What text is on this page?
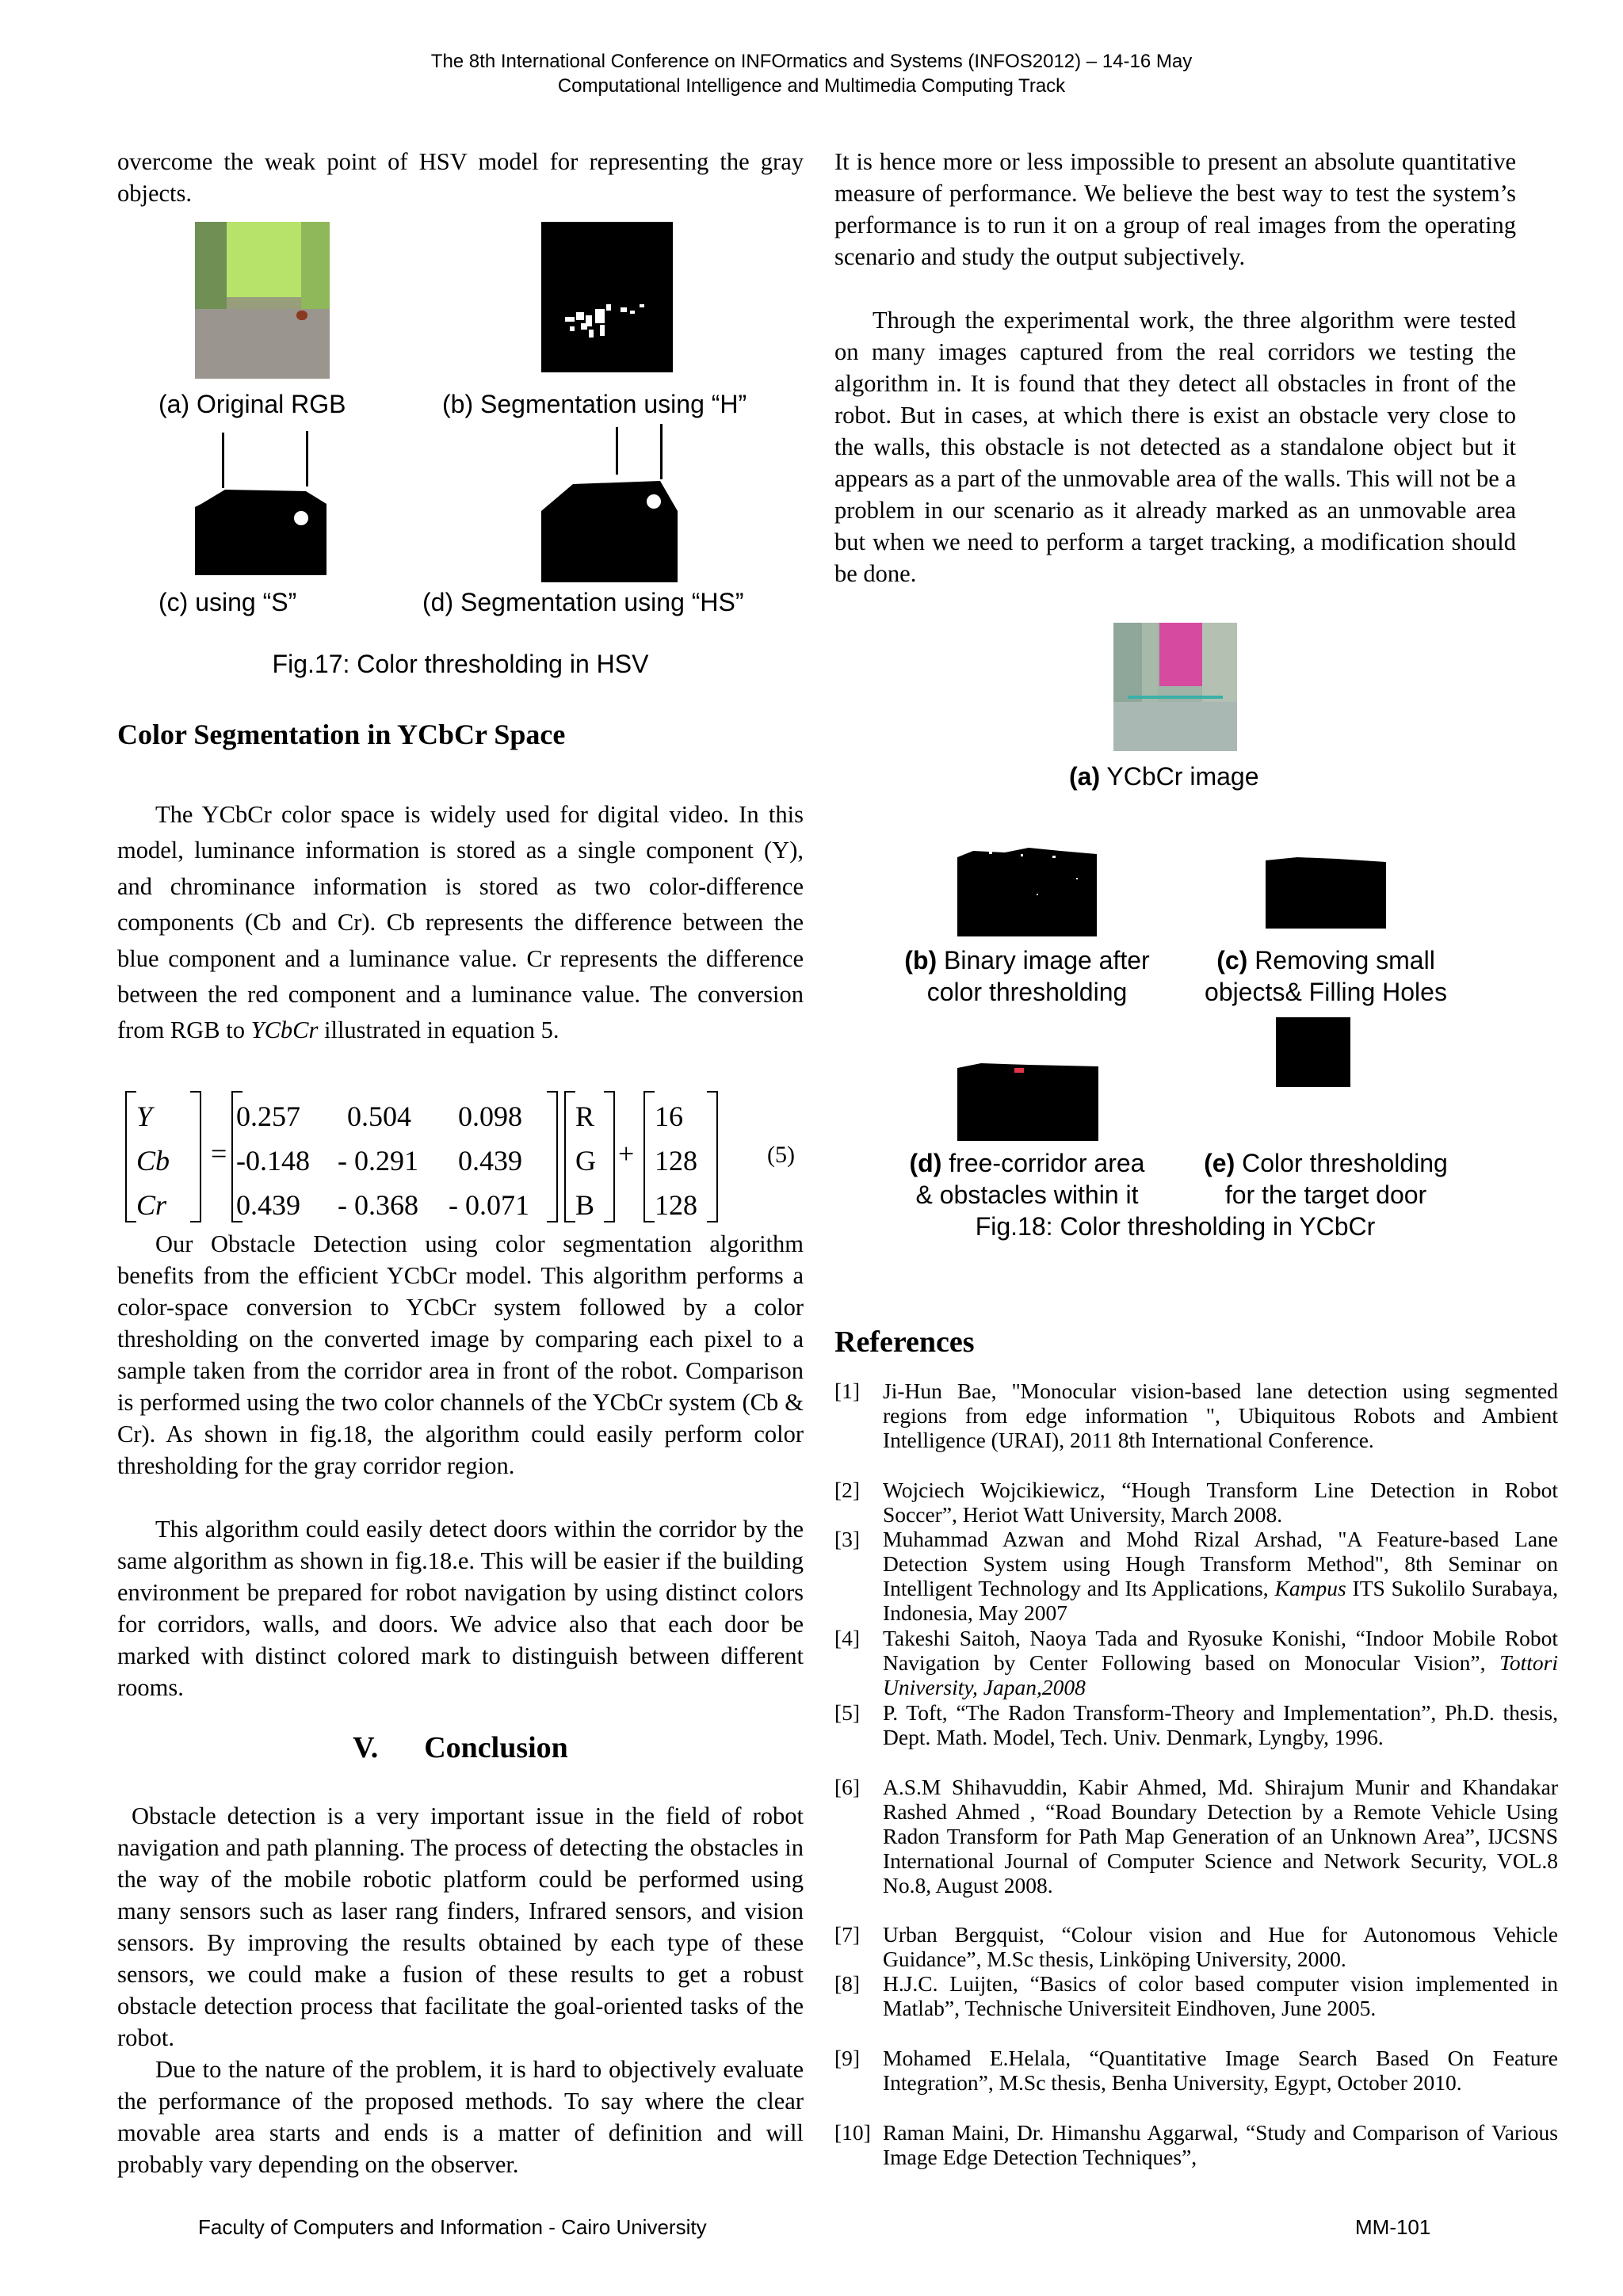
The 8th International Conference on INFOrmatics and Systems (INFOS2012) – 14-16 May
Computational Intelligence and Multimedia Computing Track

overcome the weak point of HSV model for representing the gray objects.

(a) Original RGB	(b) Segmentation using “H”
(c) using “S”	(d) Segmentation using “HS”
Fig.17: Color thresholding in HSV
Color Segmentation in YCbCr Space

The YCbCr color space is widely used for digital video. In this model, luminance information is stored as a single component (Y), and chrominance information is stored as two color-difference components (Cb and Cr). Cb represents the difference between the blue component and a luminance value. Cr represents the difference between the red component and a luminance value. The conversion from RGB to YCbCr illustrated in equation 5.

Y
Cb
Cr
=
0.257 0.504 0.098
-0.148 - 0.291 0.439
0.439 - 0.368 - 0.071
R
G
B
+
16
128
128
(5)

Our Obstacle Detection using color segmentation algorithm benefits from the efficient YCbCr model. This algorithm performs a color-space conversion to YCbCr system followed by a color thresholding on the converted image by comparing each pixel to a sample taken from the corridor area in front of the robot. Comparison is performed using the two color channels of the YCbCr system (Cb & Cr). As shown in fig.18, the algorithm could easily perform color thresholding for the gray corridor region.

This algorithm could easily detect doors within the corridor by the same algorithm as shown in fig.18.e. This will be easier if the building environment be prepared for robot navigation by using distinct colors for corridors, walls, and doors. We advice also that each door be marked with distinct colored mark to distinguish between different rooms.

V. Conclusion

Obstacle detection is a very important issue in the field of robot navigation and path planning. The process of detecting the obstacles in the way of the mobile robotic platform could be performed using many sensors such as laser rang finders, Infrared sensors, and vision sensors. By improving the results obtained by each type of these sensors, we could make a fusion of these results to get a robust obstacle detection process that facilitate the goal-oriented tasks of the robot.

Due to the nature of the problem, it is hard to objectively evaluate the performance of the proposed methods. To say where the clear movable area starts and ends is a matter of definition and will probably vary depending on the observer.

It is hence more or less impossible to present an absolute quantitative measure of performance. We believe the best way to test the system’s performance is to run it on a group of real images from the operating scenario and study the output subjectively.

Through the experimental work, the three algorithm were tested on many images captured from the real corridors we testing the algorithm in. It is found that they detect all obstacles in front of the robot. But in cases, at which there is exist an obstacle very close to the walls, this obstacle is not detected as a standalone object but it appears as a part of the unmovable area of the walls. This will not be a problem in our scenario as it already marked as an unmovable area but when we need to perform a target tracking, a modification should be done.

(a) YCbCr image
(b) Binary image after
color thresholding
(c) Removing small
objects& Filling Holes
(d) free-corridor area
& obstacles within it
(e) Color thresholding
for the target door
Fig.18: Color thresholding in YCbCr
References
[1] Ji-Hun Bae, "Monocular vision-based lane detection using segmented regions from edge information ", Ubiquitous Robots and Ambient Intelligence (URAI), 2011 8th International Conference.
[2] Wojciech Wojcikiewicz, “Hough Transform Line Detection in Robot Soccer”, Heriot Watt University, March 2008.
[3] Muhammad Azwan and Mohd Rizal Arshad, "A Feature-based Lane Detection System using Hough Transform Method", 8th Seminar on Intelligent Technology and Its Applications, Kampus ITS Sukolilo Surabaya, Indonesia, May 2007
[4] Takeshi Saitoh, Naoya Tada and Ryosuke Konishi, “Indoor Mobile Robot Navigation by Center Following based on Monocular Vision”, Tottori University, Japan,2008
[5] P. Toft, “The Radon Transform-Theory and Implementation”, Ph.D. thesis, Dept. Math. Model, Tech. Univ. Denmark, Lyngby, 1996.
[6] A.S.M Shihavuddin, Kabir Ahmed, Md. Shirajum Munir and Khandakar Rashed Ahmed , “Road Boundary Detection by a Remote Vehicle Using Radon Transform for Path Map Generation of an Unknown Area”, IJCSNS International Journal of Computer Science and Network Security, VOL.8 No.8, August 2008.
[7] Urban Bergquist, “Colour vision and Hue for Autonomous Vehicle Guidance”, M.Sc thesis, Linköping University, 2000.
[8] H.J.C. Luijten, “Basics of color based computer vision implemented in Matlab”, Technische Universiteit Eindhoven, June 2005.
[9] Mohamed E.Helala, “Quantitative Image Search Based On Feature Integration”, M.Sc thesis, Benha University, Egypt, October 2010.
[10] Raman Maini, Dr. Himanshu Aggarwal, “Study and Comparison of Various Image Edge Detection Techniques”,
Faculty of Computers and Information - Cairo University	MM-101
